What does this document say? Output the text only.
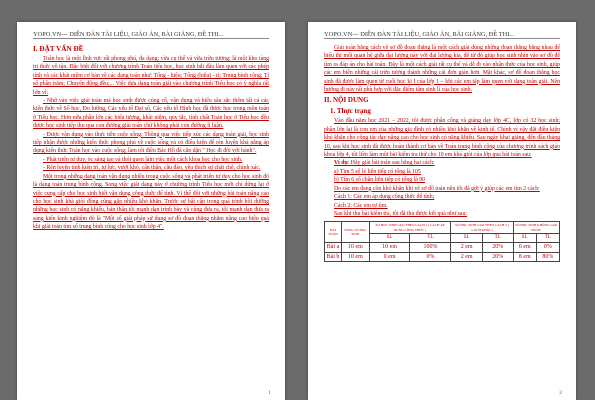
YOPO.VN--- DIỄN ĐÀN TÀI LIỆU, GIÁO ÁN, BÀI GIẢNG, ĐỀ THI...
I. ĐẶT VẤN ĐỀ
Toán học là một lĩnh vực rất phong phú, đa dạng; vừa cụ thể và vừa trừu tượng; là một kho tàng tri thức vô tận. Đặc biệt đối với chương trình Toán tiểu học, học sinh bắt đầu làm quen với các phép tính và các khái niệm cơ bản về các dạng toán như: Tổng - hiệu; Tổng (hiệu) - tỉ; Trung bình cộng; Tỉ số phần trăm; Chuyển động đều;... Việc dựa dạng toán giải vào chương trình Tiểu học có ý nghĩa rất lớn vì:
- Nhờ vào việc giải toán mà học sinh được củng cố, vận dụng và hiểu sâu sắc thêm tất cả các kiến thức về Số học, Đo lường, Các yếu tố Đại số, Các yếu tố Hình học đã được học trong môn toán ở Tiểu học. Hơn nữa phần lớn các biểu tượng, khái niệm, quy tắc, tính chất Toán học ở Tiểu học đều được học sinh tiếp thu qua con đường giải toán chứ không phải con đường lí luận.
- Được vận dụng vào thực tiễn cuộc sống: Thông qua việc tiếp xúc các dạng toán giải, học sinh tiếp nhận được những kiến thức phong phú về cuộc sống và có điều kiện để rèn luyện khả năng áp dụng kiến thức Toán học vào cuộc sống; làm tốt điều Bác Hồ đã căn dặn " Học đi đôi với hành".
- Phát triển tư duy, óc sáng tạo và thói quen làm việc một cách khoa học cho học sinh.
- Rèn luyện tính kiên trì, tự lực, vượt khó, cẩn thận, cầu đáo, yêu thích sự chặt chẽ, chính xác.
Một trong những dạng toán vận dụng nhiều trong cuộc sống và phát triển tư duy cho học sinh đó là dạng toán trung bình cộng. Song việc giải dạng này ở chương trình Tiểu học mới chỉ dừng lại ở việc cung cấp cho học sinh biết vận dụng công thức để tính. Vì thế đối với những bài toán nâng cao cho học sinh khá giỏi đồng cũng gặp nhiều khó khăn. Trước sự bất cập trong quá trình bồi dưỡng những học sinh có năng khiếu, bản thân tôi mạnh dạn trình bày và cùng đưa ra, tôi mạnh dạn đưa ra sáng kiến kinh nghiệm đó là "Một số giải pháp sử dụng sơ đồ đoạn thẳng nhằm nâng cao hiệu quả khi giải toán tìm số trung bình cộng cho học sinh lớp 4".
1
YOPO.VN--- DIỄN ĐÀN TÀI LIỆU, GIÁO ÁN, BÀI GIẢNG, ĐỀ THI...
Giải toán bằng cách vẽ sơ đồ đoạn thẳng là một cách giải dùng những đoạn thẳng bằng nhau để biểu thị mối quan hệ giữa đại lượng này với đại lượng kia, để từ đó giúp học sinh nhìn vào sơ đồ để tìm ra đáp án cho bài toán. Đây là một cách giải rất cụ thể và dễ đi vào nhận thức của học sinh, giúp các em biến những cái trừu tượng thành những cái đơn giản hơn. Mặt khác, sơ đồ đoạn thẳng học sinh đã được làm quen từ cuối học kì I của lớp 1 – khi các em tập làm quen với dạng toán giải. Nên hướng đi này rất phù hợp với đặc điểm tâm sinh lí của học sinh.
II. NỘI DUNG
1. Thực trạng
Vào đầu năm học 2021 – 2022, tôi được phân công và giảng dạy lớp 4C, lớp có 32 học sinh; phần lớn lại là con em của những gia đình có nhiều khó khăn về kinh tế. Chính vì vậy đặt điều kiện khó khăn cho công tác dạy nâng cao cho học sinh có năng khiếu. Sau ngày khai giảng, đến đầu tháng 10, sau khi học sinh đã được hoàn thành cơ bản về Toán trung bình cộng của chương trình sách giáo khoa lớp 4, tôi liền làm một bài kiểm tra thử cho 10 em khá giỏi của lớp qua bài toán sau:
Ví dụ: Hãy giải bài toán sau bằng hai cách:
a) Tìm 5 số lẻ liên tiếp có tổng là 105
b) Tìm 6 số chẵn liên tiếp có tổng là 90
Do các em đang còn khó khăn khi vẽ sơ đồ toán nên tôi đã gợi ý giúp các em tìm 2 cách:
Cách 1: Các em áp dụng công thức để tính;
Cách 2: Các em tự tìm.
Sau khi thu bài kiểm tra, tôi đã thu được kết quả như sau:
BÀI TOÁN	TỔNG SỐ HỌC SINH	SỐ HỌC SINH GIẢI THEO CÁCH 1 ( CÁCH ÁP DỤNG CÔNG THỨC )		SỐ HỌC SINH GIẢI THEO CÁCH 2 ( CÁCH KHÁC)		SỐ HỌC SINH KHÔNG GIẢI ĐƯỢC	
		SL	TL	SL	TL	SL	TL
Bài a	10 em	10 em	100%	2 em	20%	0 em	0%
Bài b	10 em	0 em	0%	2 em	20%	8 em	80%
2
